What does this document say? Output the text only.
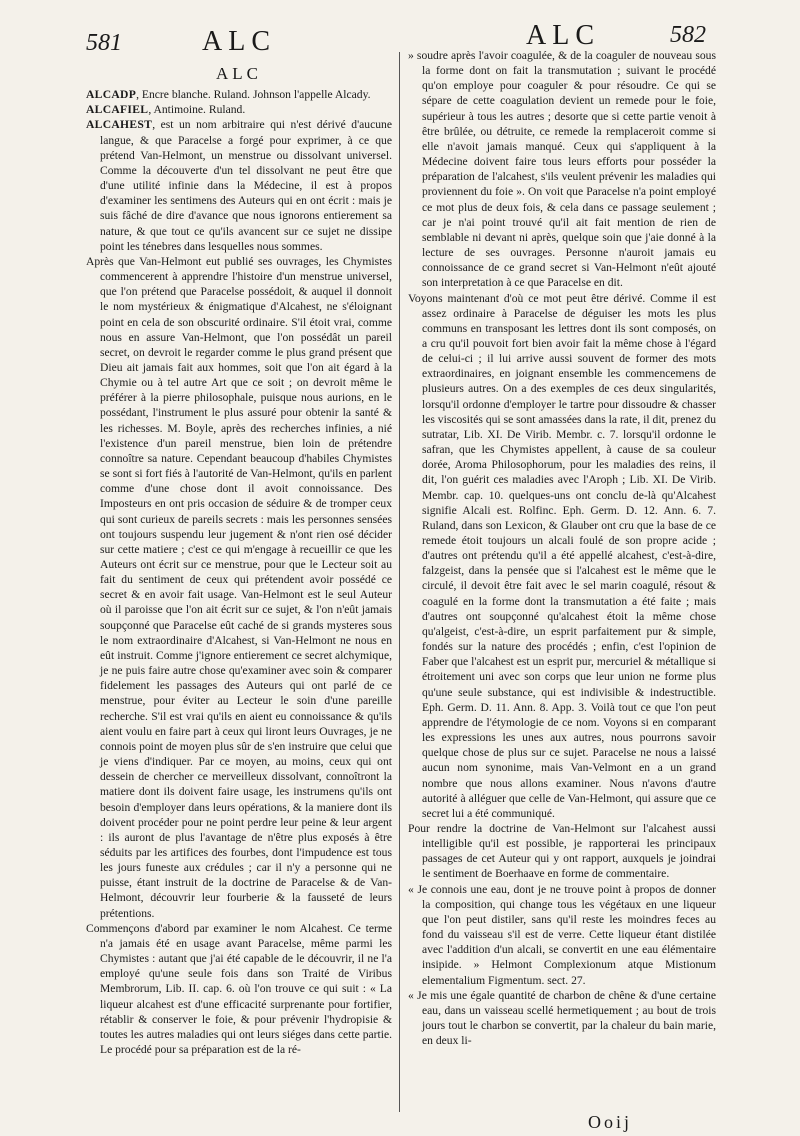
581	ALC	ALC	582
ALC
ALCADP, Encre blanche. Ruland. Johnson l'appelle Alcady.
ALCAFIEL, Antimoine. Ruland.
ALCAHEST, est un nom arbitraire qui n'est dérivé d'aucune langue, & que Paracelse a forgé pour exprimer, à ce que prétend Van-Helmont, un menstrue ou dissolvant universel. Comme la découverte d'un tel dissolvant ne peut être que d'une utilité infinie dans la Médecine, il est à propos d'examiner les sentimens des Auteurs qui en ont écrit : mais je suis fâché de dire d'avance que nous ignorons entierement sa nature, & que tout ce qu'ils avancent sur ce sujet ne dissipe point les ténebres dans lesquelles nous sommes.

Après que Van-Helmont eut publié ses ouvrages, les Chymistes commencerent à apprendre l'histoire d'un menstrue universel, que l'on prétend que Paracelse possédoit, & auquel il donnoit le nom mystérieux & énigmatique d'Alcahest, ne s'éloignant point en cela de son obscurité ordinaire. S'il étoit vrai, comme nous en assure Van-Helmont, que l'on possédât un pareil secret, on devroit le regarder comme le plus grand présent que Dieu ait jamais fait aux hommes, soit que l'on ait égard à la Chymie ou à tel autre Art que ce soit ; on devroit même le préférer à la pierre philosophale, puisque nous aurions, en le possédant, l'instrument le plus assuré pour obtenir la santé & les richesses. M. Boyle, après des recherches infinies, a nié l'existence d'un pareil menstrue, bien loin de prétendre connoître sa nature. Cependant beaucoup d'habiles Chymistes se sont si fort fiés à l'autorité de Van-Helmont, qu'ils en parlent comme d'une chose dont il avoit connoissance. Des Imposteurs en ont pris occasion de séduire & de tromper ceux qui sont curieux de pareils secrets : mais les personnes sensées ont toujours suspendu leur jugement & n'ont rien osé décider sur cette matiere ; c'est ce qui m'engage à recueillir ce que les Auteurs ont écrit sur ce menstrue, pour que le Lecteur soit au fait du sentiment de ceux qui prétendent avoir possédé ce secret & en avoir fait usage. Van-Helmont est le seul Auteur où il paroisse que l'on ait écrit sur ce sujet, & l'on n'eût jamais soupçonné que Paracelse eût caché de si grands mysteres sous le nom extraordinaire d'Alcahest, si Van-Helmont ne nous en eût instruit. Comme j'ignore entierement ce secret alchymique, je ne puis faire autre chose qu'examiner avec soin & comparer fidelement les passages des Auteurs qui ont parlé de ce menstrue, pour éviter au Lecteur le soin d'une pareille recherche. S'il est vrai qu'ils en aient eu connoissance & qu'ils aient voulu en faire part à ceux qui liront leurs Ouvrages, je ne connois point de moyen plus sûr de s'en instruire que celui que je viens d'indiquer. Par ce moyen, au moins, ceux qui ont dessein de chercher ce merveilleux dissolvant, connoîtront la matiere dont ils doivent faire usage, les instrumens qu'ils ont besoin d'employer dans leurs opérations, & la maniere dont ils doivent procéder pour ne point perdre leur peine & leur argent : ils auront de plus l'avantage de n'être plus exposés à être séduits par les artifices des fourbes, dont l'impudence est tous les jours funeste aux crédules ; car il n'y a personne qui ne puisse, étant instruit de la doctrine de Paracelse & de Van-Helmont, découvrir leur fourberie & la fausseté de leurs prétentions.

Commençons d'abord par examiner le nom Alcahest. Ce terme n'a jamais été en usage avant Paracelse, même parmi les Chymistes : autant que j'ai été capable de le découvrir, il ne l'a employé qu'une seule fois dans son Traité de Viribus Membrorum, Lib. II. cap. 6. où l'on trouve ce qui suit : « La liqueur alcahest est d'une efficacité surprenante pour fortifier, rétablir & conserver le foie, & pour prévenir l'hydropisie & toutes les autres maladies qui ont leurs siéges dans cette partie. Le procédé pour sa préparation est de la ré-

» soudre après l'avoir coagulée, & de la coaguler de nouveau sous la forme dont on fait la transmutation ; suivant le procédé qu'on employe pour coaguler & pour résoudre. Ce qui se sépare de cette coagulation devient un remede pour le foie, supérieur à tous les autres ; desorte que si cette partie venoit à être brûlée, ou détruite, ce remede la remplaceroit comme si elle n'avoit jamais manqué. Ceux qui s'appliquent à la Médecine doivent faire tous leurs efforts pour posséder la préparation de l'alcahest, s'ils veulent prévenir les maladies qui proviennent du foie ». On voit que Paracelse n'a point employé ce mot plus de deux fois, & cela dans ce passage seulement ; car je n'ai point trouvé qu'il ait fait mention de rien de semblable ni devant ni après, quelque soin que j'aie donné à la lecture de ses ouvrages. Personne n'auroit jamais eu connoissance de ce grand secret si Van-Helmont n'eût ajouté son interpretation à ce que Paracelse en dit.

Voyons maintenant d'où ce mot peut être dérivé. Comme il est assez ordinaire à Paracelse de déguiser les mots les plus communs en transposant les lettres dont ils sont composés, on a cru qu'il pouvoit fort bien avoir fait la même chose à l'égard de celui-ci ; il lui arrive aussi souvent de former des mots extraordinaires, en joignant ensemble les commencemens de plusieurs autres. On a des exemples de ces deux singularités, lorsqu'il ordonne d'employer le tartre pour dissoudre & chasser les viscosités qui se sont amassées dans la rate, il dit, prenez du sutratar, Lib. XI. De Virib. Membr. c. 7. lorsqu'il ordonne le safran, que les Chymistes appellent, à cause de sa couleur dorée, Aroma Philosophorum, pour les maladies des reins, il dit, l'on guérit ces maladies avec l'Aroph ; Lib. XI. De Virib. Membr. cap. 10. quelques-uns ont conclu de-là qu'Alcahest signifie Alcali est. Rolfinc. Eph. Germ. D. 12. Ann. 6. 7. Ruland, dans son Lexicon, & Glauber ont cru que la base de ce remede étoit toujours un alcali foulé de son propre acide ; d'autres ont prétendu qu'il a été appellé alcahest, c'est-à-dire, falzgeist, dans la pensée que si l'alcahest est le même que le circulé, il devoit être fait avec le sel marin coagulé, résout & coagulé en la forme dont la transmutation a été faite ; mais d'autres ont soupçonné qu'alcahest étoit la même chose qu'algeist, c'est-à-dire, un esprit parfaitement pur & simple, fondés sur la nature des procédés ; enfin, c'est l'opinion de Faber que l'alcahest est un esprit pur, mercuriel & métallique si étroitement uni avec son corps que leur union ne forme plus qu'une seule substance, qui est indivisible & indestructible. Eph. Germ. D. 11. Ann. 8. App. 3. Voilà tout ce que l'on peut apprendre de l'étymologie de ce nom. Voyons si en comparant les expressions les unes aux autres, nous pourrons savoir quelque chose de plus sur ce sujet. Paracelse ne nous a laissé aucun nom synonime, mais Van-Velmont en a un grand nombre que nous allons examiner. Nous n'avons d'autre autorité à alléguer que celle de Van-Helmont, qui assure que ce secret lui a été communiqué.

Pour rendre la doctrine de Van-Helmont sur l'alcahest aussi intelligible qu'il est possible, je rapporterai les principaux passages de cet Auteur qui y ont rapport, auxquels je joindrai le sentiment de Boerhaave en forme de commentaire.

« Je connois une eau, dont je ne trouve point à propos de donner la composition, qui change tous les végétaux en une liqueur que l'on peut distiler, sans qu'il reste les moindres feces au fond du vaisseau s'il est de verre. Cette liqueur étant distilée avec l'addition d'un alcali, se convertit en une eau élémentaire insipide. » Helmont Complexionum atque Mistionum elementalium Figmentum. sect. 27.

« Je mis une égale quantité de charbon de chêne & d'une certaine eau, dans un vaisseau scellé hermetiquement ; au bout de trois jours tout le charbon se convertit, par la chaleur du bain marie, en deux li-

Ooij
